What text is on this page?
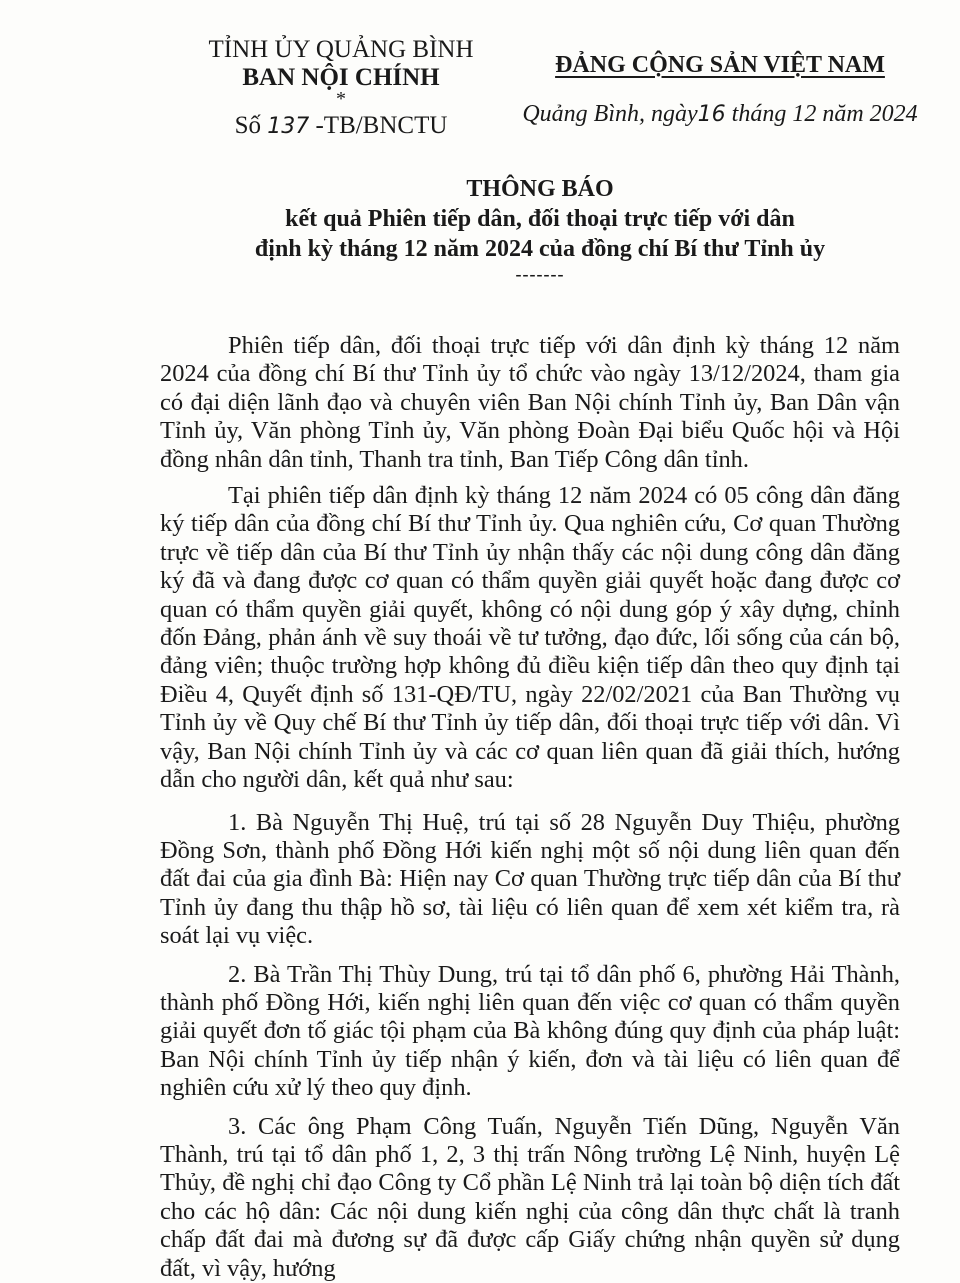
TỈNH ỦY QUẢNG BÌNH
BAN NỘI CHÍNH
*
Số 137 -TB/BNCTU
ĐẢNG CỘNG SẢN VIỆT NAM
Quảng Bình, ngày16 tháng 12 năm 2024
THÔNG BÁO
kết quả Phiên tiếp dân, đối thoại trực tiếp với dân
định kỳ tháng 12 năm 2024 của đồng chí Bí thư Tỉnh ủy
-------

Phiên tiếp dân, đối thoại trực tiếp với dân định kỳ tháng 12 năm 2024 của đồng chí Bí thư Tỉnh ủy tổ chức vào ngày 13/12/2024, tham gia có đại diện lãnh đạo và chuyên viên Ban Nội chính Tỉnh ủy, Ban Dân vận Tỉnh ủy, Văn phòng Tỉnh ủy, Văn phòng Đoàn Đại biểu Quốc hội và Hội đồng nhân dân tỉnh, Thanh tra tỉnh, Ban Tiếp Công dân tỉnh.

Tại phiên tiếp dân định kỳ tháng 12 năm 2024 có 05 công dân đăng ký tiếp dân của đồng chí Bí thư Tỉnh ủy. Qua nghiên cứu, Cơ quan Thường trực về tiếp dân của Bí thư Tỉnh ủy nhận thấy các nội dung công dân đăng ký đã và đang được cơ quan có thẩm quyền giải quyết hoặc đang được cơ quan có thẩm quyền giải quyết, không có nội dung góp ý xây dựng, chỉnh đốn Đảng, phản ánh về suy thoái về tư tưởng, đạo đức, lối sống của cán bộ, đảng viên; thuộc trường hợp không đủ điều kiện tiếp dân theo quy định tại Điều 4, Quyết định số 131-QĐ/TU, ngày 22/02/2021 của Ban Thường vụ Tỉnh ủy về Quy chế Bí thư Tỉnh ủy tiếp dân, đối thoại trực tiếp với dân. Vì vậy, Ban Nội chính Tỉnh ủy và các cơ quan liên quan đã giải thích, hướng dẫn cho người dân, kết quả như sau:

1. Bà Nguyễn Thị Huệ, trú tại số 28 Nguyễn Duy Thiệu, phường Đồng Sơn, thành phố Đồng Hới kiến nghị một số nội dung liên quan đến đất đai của gia đình Bà: Hiện nay Cơ quan Thường trực tiếp dân của Bí thư Tỉnh ủy đang thu thập hồ sơ, tài liệu có liên quan để xem xét kiểm tra, rà soát lại vụ việc.

2. Bà Trần Thị Thùy Dung, trú tại tổ dân phố 6, phường Hải Thành, thành phố Đồng Hới, kiến nghị liên quan đến việc cơ quan có thẩm quyền giải quyết đơn tố giác tội phạm của Bà không đúng quy định của pháp luật: Ban Nội chính Tỉnh ủy tiếp nhận ý kiến, đơn và tài liệu có liên quan để nghiên cứu xử lý theo quy định.

3. Các ông Phạm Công Tuấn, Nguyễn Tiến Dũng, Nguyễn Văn Thành, trú tại tổ dân phố 1, 2, 3 thị trấn Nông trường Lệ Ninh, huyện Lệ Thủy, đề nghị chỉ đạo Công ty Cổ phần Lệ Ninh trả lại toàn bộ diện tích đất cho các hộ dân: Các nội dung kiến nghị của công dân thực chất là tranh chấp đất đai mà đương sự đã được cấp Giấy chứng nhận quyền sử dụng đất, vì vậy, hướng
